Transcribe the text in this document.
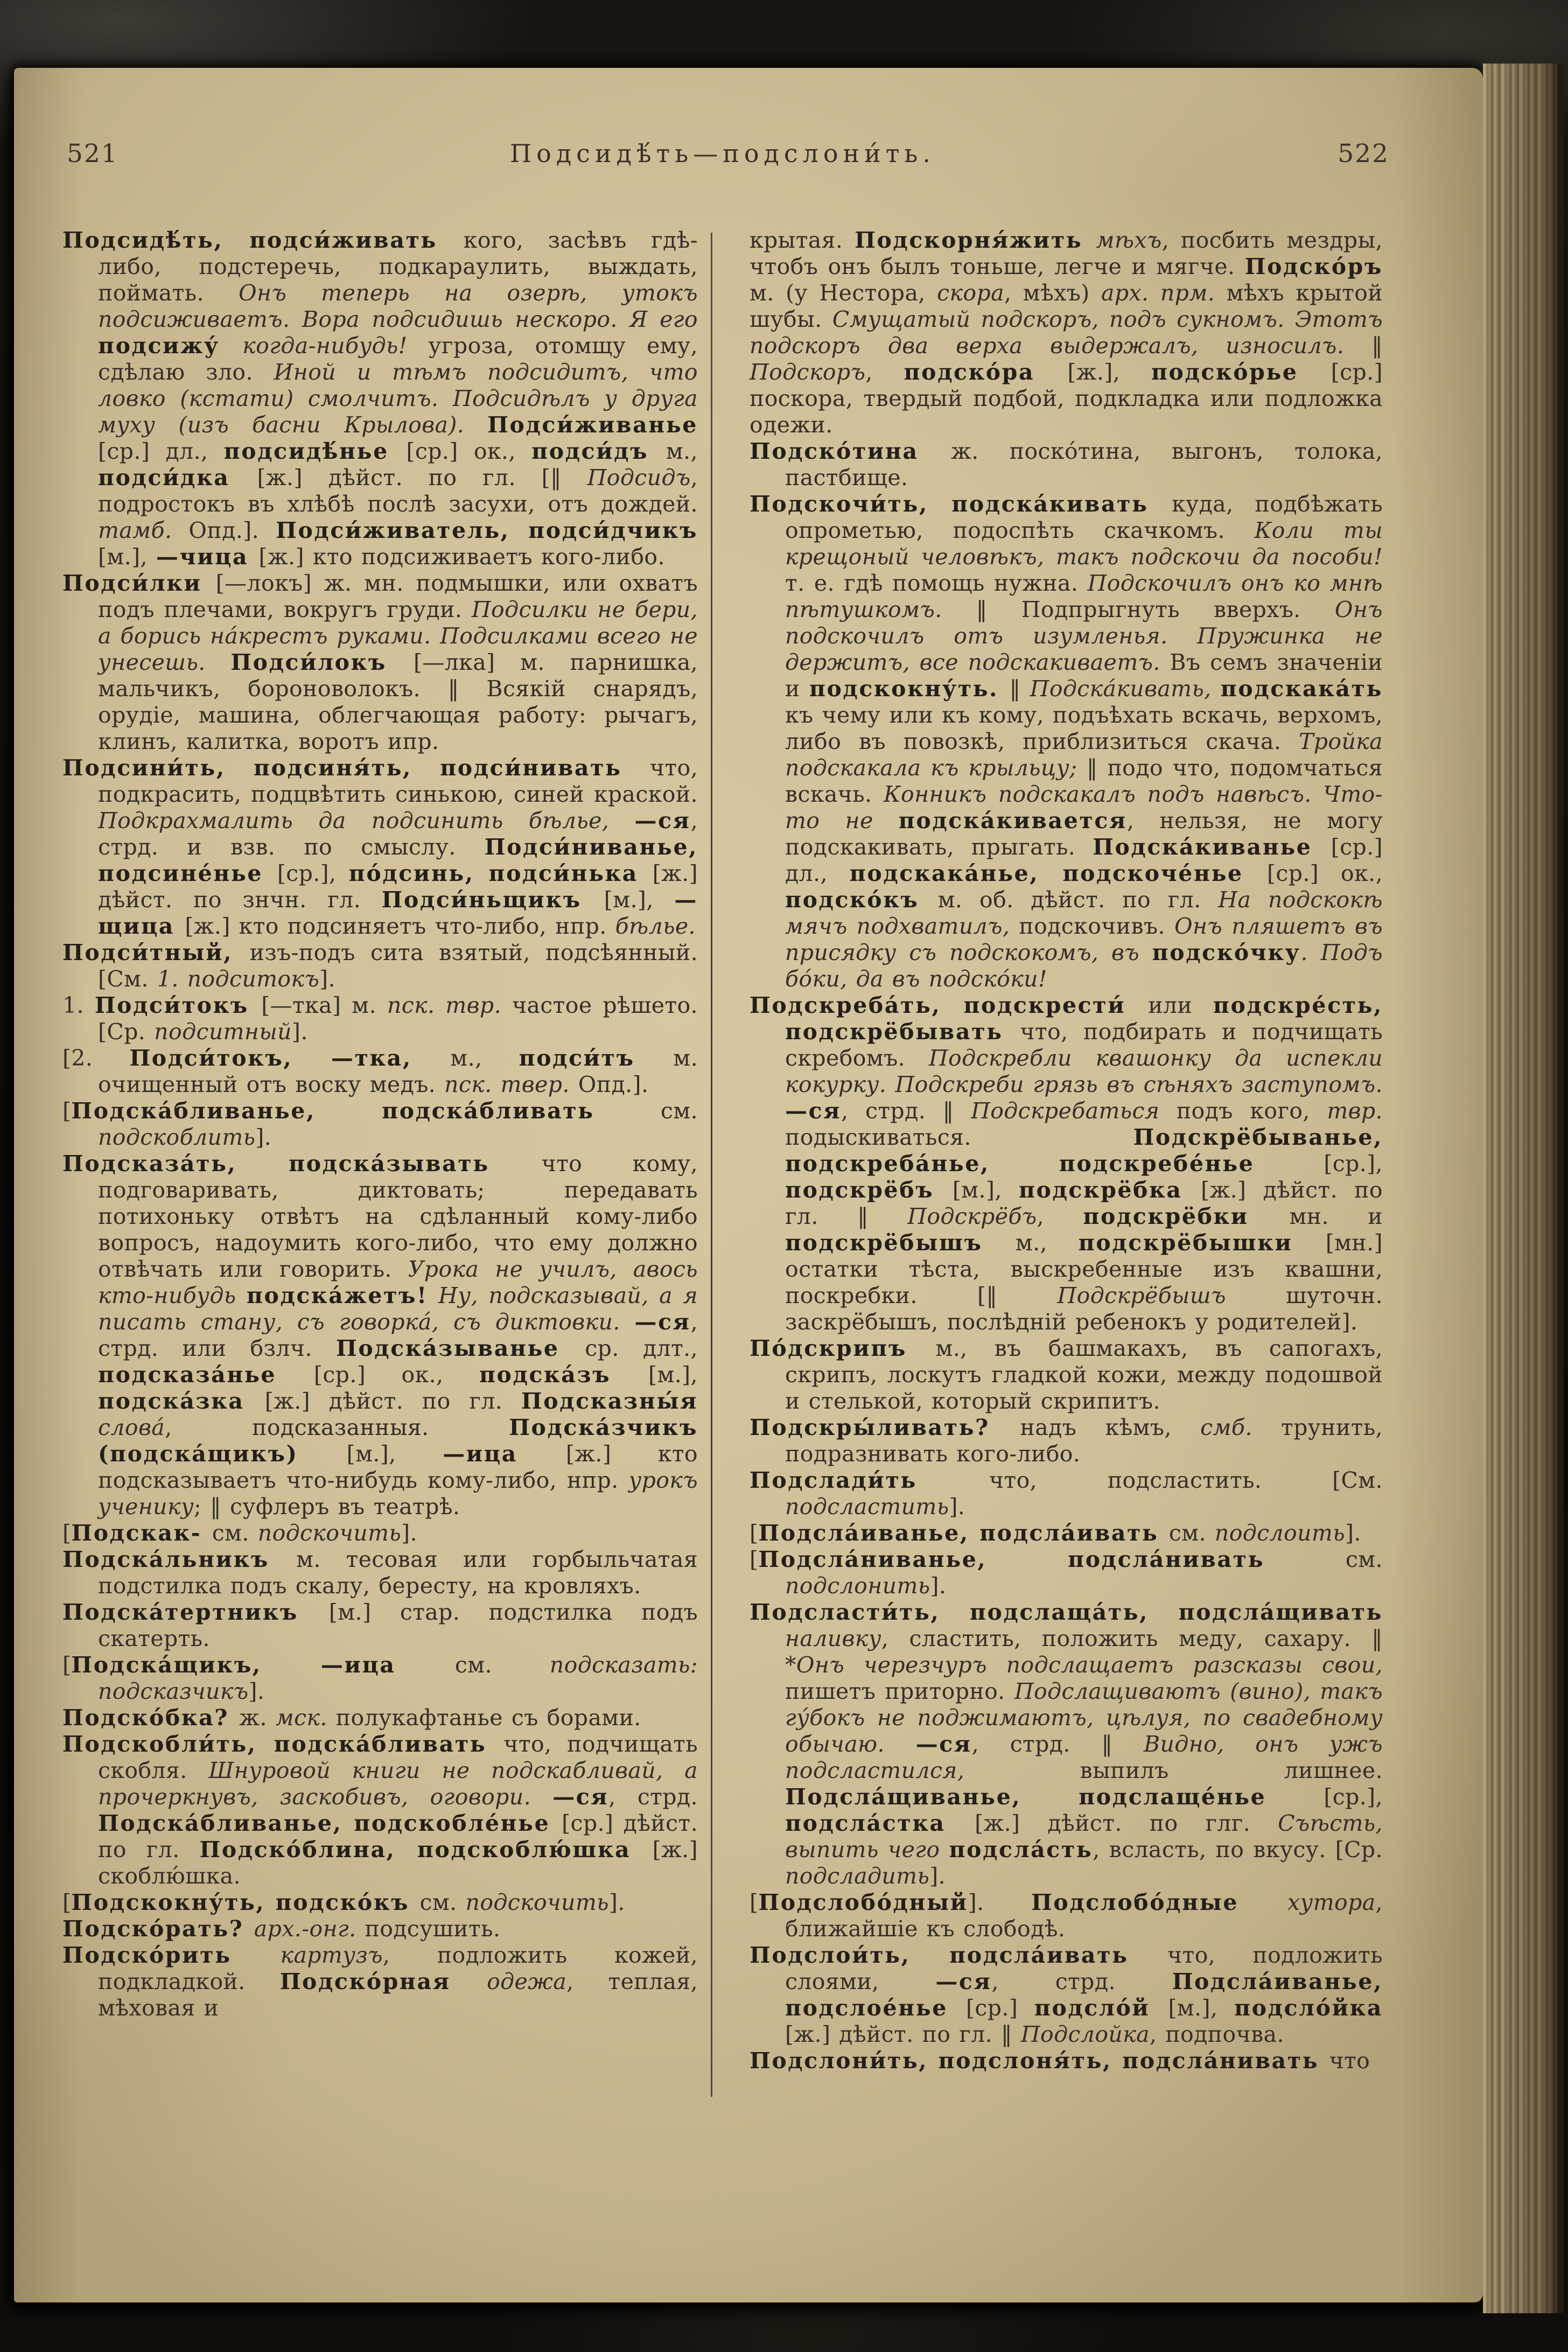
521	Подсидѣ́ть—подслони́ть.	522

Подсидѣ́ть, подси́живать кого, засѣвъ гдѣ-либо, подстеречь, подкараулить, выждать, поймать. Онъ теперь на озерѣ, утокъ подсиживаетъ. Вора подсидишь нескоро. Я его подсижу́ когда-нибудь! угроза, отомщу ему, сдѣлаю зло. Иной и тѣмъ подсидитъ, что ловко (кстати) смолчитъ. Подсидѣлъ у друга муху (изъ басни Крылова). Подси́живанье [ср.] дл., подсидѣ́нье [ср.] ок., подси́дъ м., подси́дка [ж.] дѣйст. по гл. [‖ Подсидъ, подростокъ въ хлѣбѣ послѣ засухи, отъ дождей. тамб. Опд.]. Подси́живатель, подси́дчикъ [м.], —чица [ж.] кто подсиживаетъ кого-либо.

Подси́лки [—локъ] ж. мн. подмышки, или охватъ подъ плечами, вокругъ груди. Подсилки не бери, а борись на́крестъ руками. Подсилками всего не унесешь. Подси́локъ [—лка] м. парнишка, мальчикъ, бороноволокъ. ‖ Всякій снарядъ, орудіе, машина, облегчающая работу: рычагъ, клинъ, калитка, воротъ ипр.

Подсини́ть, подсиня́ть, подси́нивать что, подкрасить, подцвѣтить синькою, синей краской. Подкрахмалить да подсинить бѣлье, —ся, стрд. и взв. по смыслу. Подси́ниванье, подсине́нье [ср.], по́дсинь, подси́нька [ж.] дѣйст. по знчн. гл. Подси́ньщикъ [м.], —щица [ж.] кто подсиняетъ что-либо, нпр. бѣлье.

Подси́тный, изъ-подъ сита взятый, подсѣянный. [См. 1. подситокъ].

1. Подси́токъ [—тка] м. пск. твр. частое рѣшето. [Ср. подситный].

[2. Подси́токъ, —тка, м., подси́тъ м. очищенный отъ воску медъ. пск. твер. Опд.].

[Подска́бливанье, подска́бливать см. подскоблить].

Подсказа́ть, подска́зывать что кому, подговаривать, диктовать; передавать потихоньку отвѣтъ на сдѣланный кому-либо вопросъ, надоумить кого-либо, что ему должно отвѣчать или говорить. Урока не училъ, авось кто-нибудь подска́жетъ! Ну, подсказывай, а я писать стану, съ говорка́, съ диктовки. —ся, стрд. или бзлч. Подска́зыванье ср. длт., подсказа́нье [ср.] ок., подска́зъ [м.], подска́зка [ж.] дѣйст. по гл. Подсказны́я слова́, подсказанныя. Подска́зчикъ (подска́щикъ) [м.], —ица [ж.] кто подсказываетъ что-нибудь кому-либо, нпр. урокъ ученику; ‖ суфлеръ въ театрѣ.

[Подскак- см. подскочить].

Подска́льникъ м. тесовая или горбыльчатая подстилка подъ скалу, бересту, на кровляхъ.

Подска́тертникъ [м.] стар. подстилка подъ скатерть.

[Подска́щикъ, —ица см. подсказать: подсказчикъ].

Подско́бка? ж. мск. полукафтанье съ борами.

Подскобли́ть, подска́бливать что, подчищать скобля. Шнуровой книги не подскабливай, а прочеркнувъ, заскобивъ, оговори. —ся, стрд. Подска́бливанье, подскобле́нье [ср.] дѣйст. по гл. Подско́блина, подскоблю́шка [ж.] скоблю́шка.

[Подскокну́ть, подско́къ см. подскочить].

Подско́рать? арх.-онг. подсушить.

Подско́рить картузъ, подложить кожей, подкладкой. Подско́рная одежа, теплая, мѣховая и

крытая. Подскорня́жить мѣхъ, посбить мездры, чтобъ онъ былъ тоньше, легче и мягче. Подско́ръ м. (у Нестора, скора, мѣхъ) арх. прм. мѣхъ крытой шубы. Смущатый подскоръ, подъ сукномъ. Этотъ подскоръ два верха выдержалъ, износилъ. ‖ Подскоръ, подско́ра [ж.], подско́рье [ср.] поскора, твердый подбой, подкладка или подложка одежи.

Подско́тина ж. поско́тина, выгонъ, толока, пастбище.

Подскочи́ть, подска́кивать куда, подбѣжать опрометью, подоспѣть скачкомъ. Коли ты крещоный человѣкъ, такъ подскочи да пособи! т. е. гдѣ помощь нужна. Подскочилъ онъ ко мнѣ пѣтушкомъ. ‖ Подпрыгнуть вверхъ. Онъ подскочилъ отъ изумленья. Пружинка не держитъ, все подскакиваетъ. Въ семъ значеніи и подскокну́ть. ‖ Подска́кивать, подскака́ть къ чему или къ кому, подъѣхать вскачь, верхомъ, либо въ повозкѣ, приблизиться скача. Тройка подскакала къ крыльцу; ‖ подо что, подомчаться вскачь. Конникъ подскакалъ подъ навѣсъ. Что-то не подска́кивается, нельзя, не могу подскакивать, прыгать. Подска́киванье [ср.] дл., подскака́нье, подскоче́нье [ср.] ок., подско́къ м. об. дѣйст. по гл. На подскокѣ мячъ подхватилъ, подскочивъ. Онъ пляшетъ въ присядку съ подскокомъ, въ подско́чку. Подъ бо́ки, да въ подско́ки!

Подскреба́ть, подскрести́ или подскре́сть, подскрёбывать что, подбирать и подчищать скребомъ. Подскребли квашонку да испекли кокурку. Подскреби грязь въ сѣняхъ заступомъ. —ся, стрд. ‖ Подскребаться подъ кого, твр. подыскиваться. Подскрёбыванье, подскреба́нье, подскребе́нье [ср.], подскрёбъ [м.], подскрёбка [ж.] дѣйст. по гл. ‖ Подскрёбъ, подскрёбки мн. и подскрёбышъ м., подскрёбышки [мн.] остатки тѣста, выскребенные изъ квашни, поскребки. [‖ Подскрёбышъ шуточн. заскрёбышъ, послѣдній ребенокъ у родителей].

По́дскрипъ м., въ башмакахъ, въ сапогахъ, скрипъ, лоскутъ гладкой кожи, между подошвой и стелькой, который скрипитъ.

Подскры́ливать? надъ кѣмъ, смб. трунить, подразнивать кого-либо.

Подслади́ть что, подсластить. [См. подсластить].

[Подсла́иванье, подсла́ивать см. подслоить].

[Подсла́ниванье, подсла́нивать см. подслонить].

Подсласти́ть, подслаща́ть, подсла́щивать наливку, сластить, положить меду, сахару. ‖ *Онъ черезчуръ подслащаетъ разсказы свои, пишетъ приторно. Подслащиваютъ (вино), такъ гу́бокъ не поджимаютъ, цѣлуя, по свадебному обычаю. —ся, стрд. ‖ Видно, онъ ужъ подсластился, выпилъ лишнее. Подсла́щиванье, подслаще́нье [ср.], подсла́стка [ж.] дѣйст. по глг. Съѣсть, выпить чего подсла́сть, всласть, по вкусу. [Ср. подсладить].

[Подслобо́дный]. Подслобо́дные хутора, ближайшіе къ слободѣ.

Подслои́ть, подсла́ивать что, подложить слоями, —ся, стрд. Подсла́иванье, подслое́нье [ср.] подсло́й [м.], подсло́йка [ж.] дѣйст. по гл. ‖ Подслойка, подпочва.

Подслони́ть, подслоня́ть, подсла́нивать что
